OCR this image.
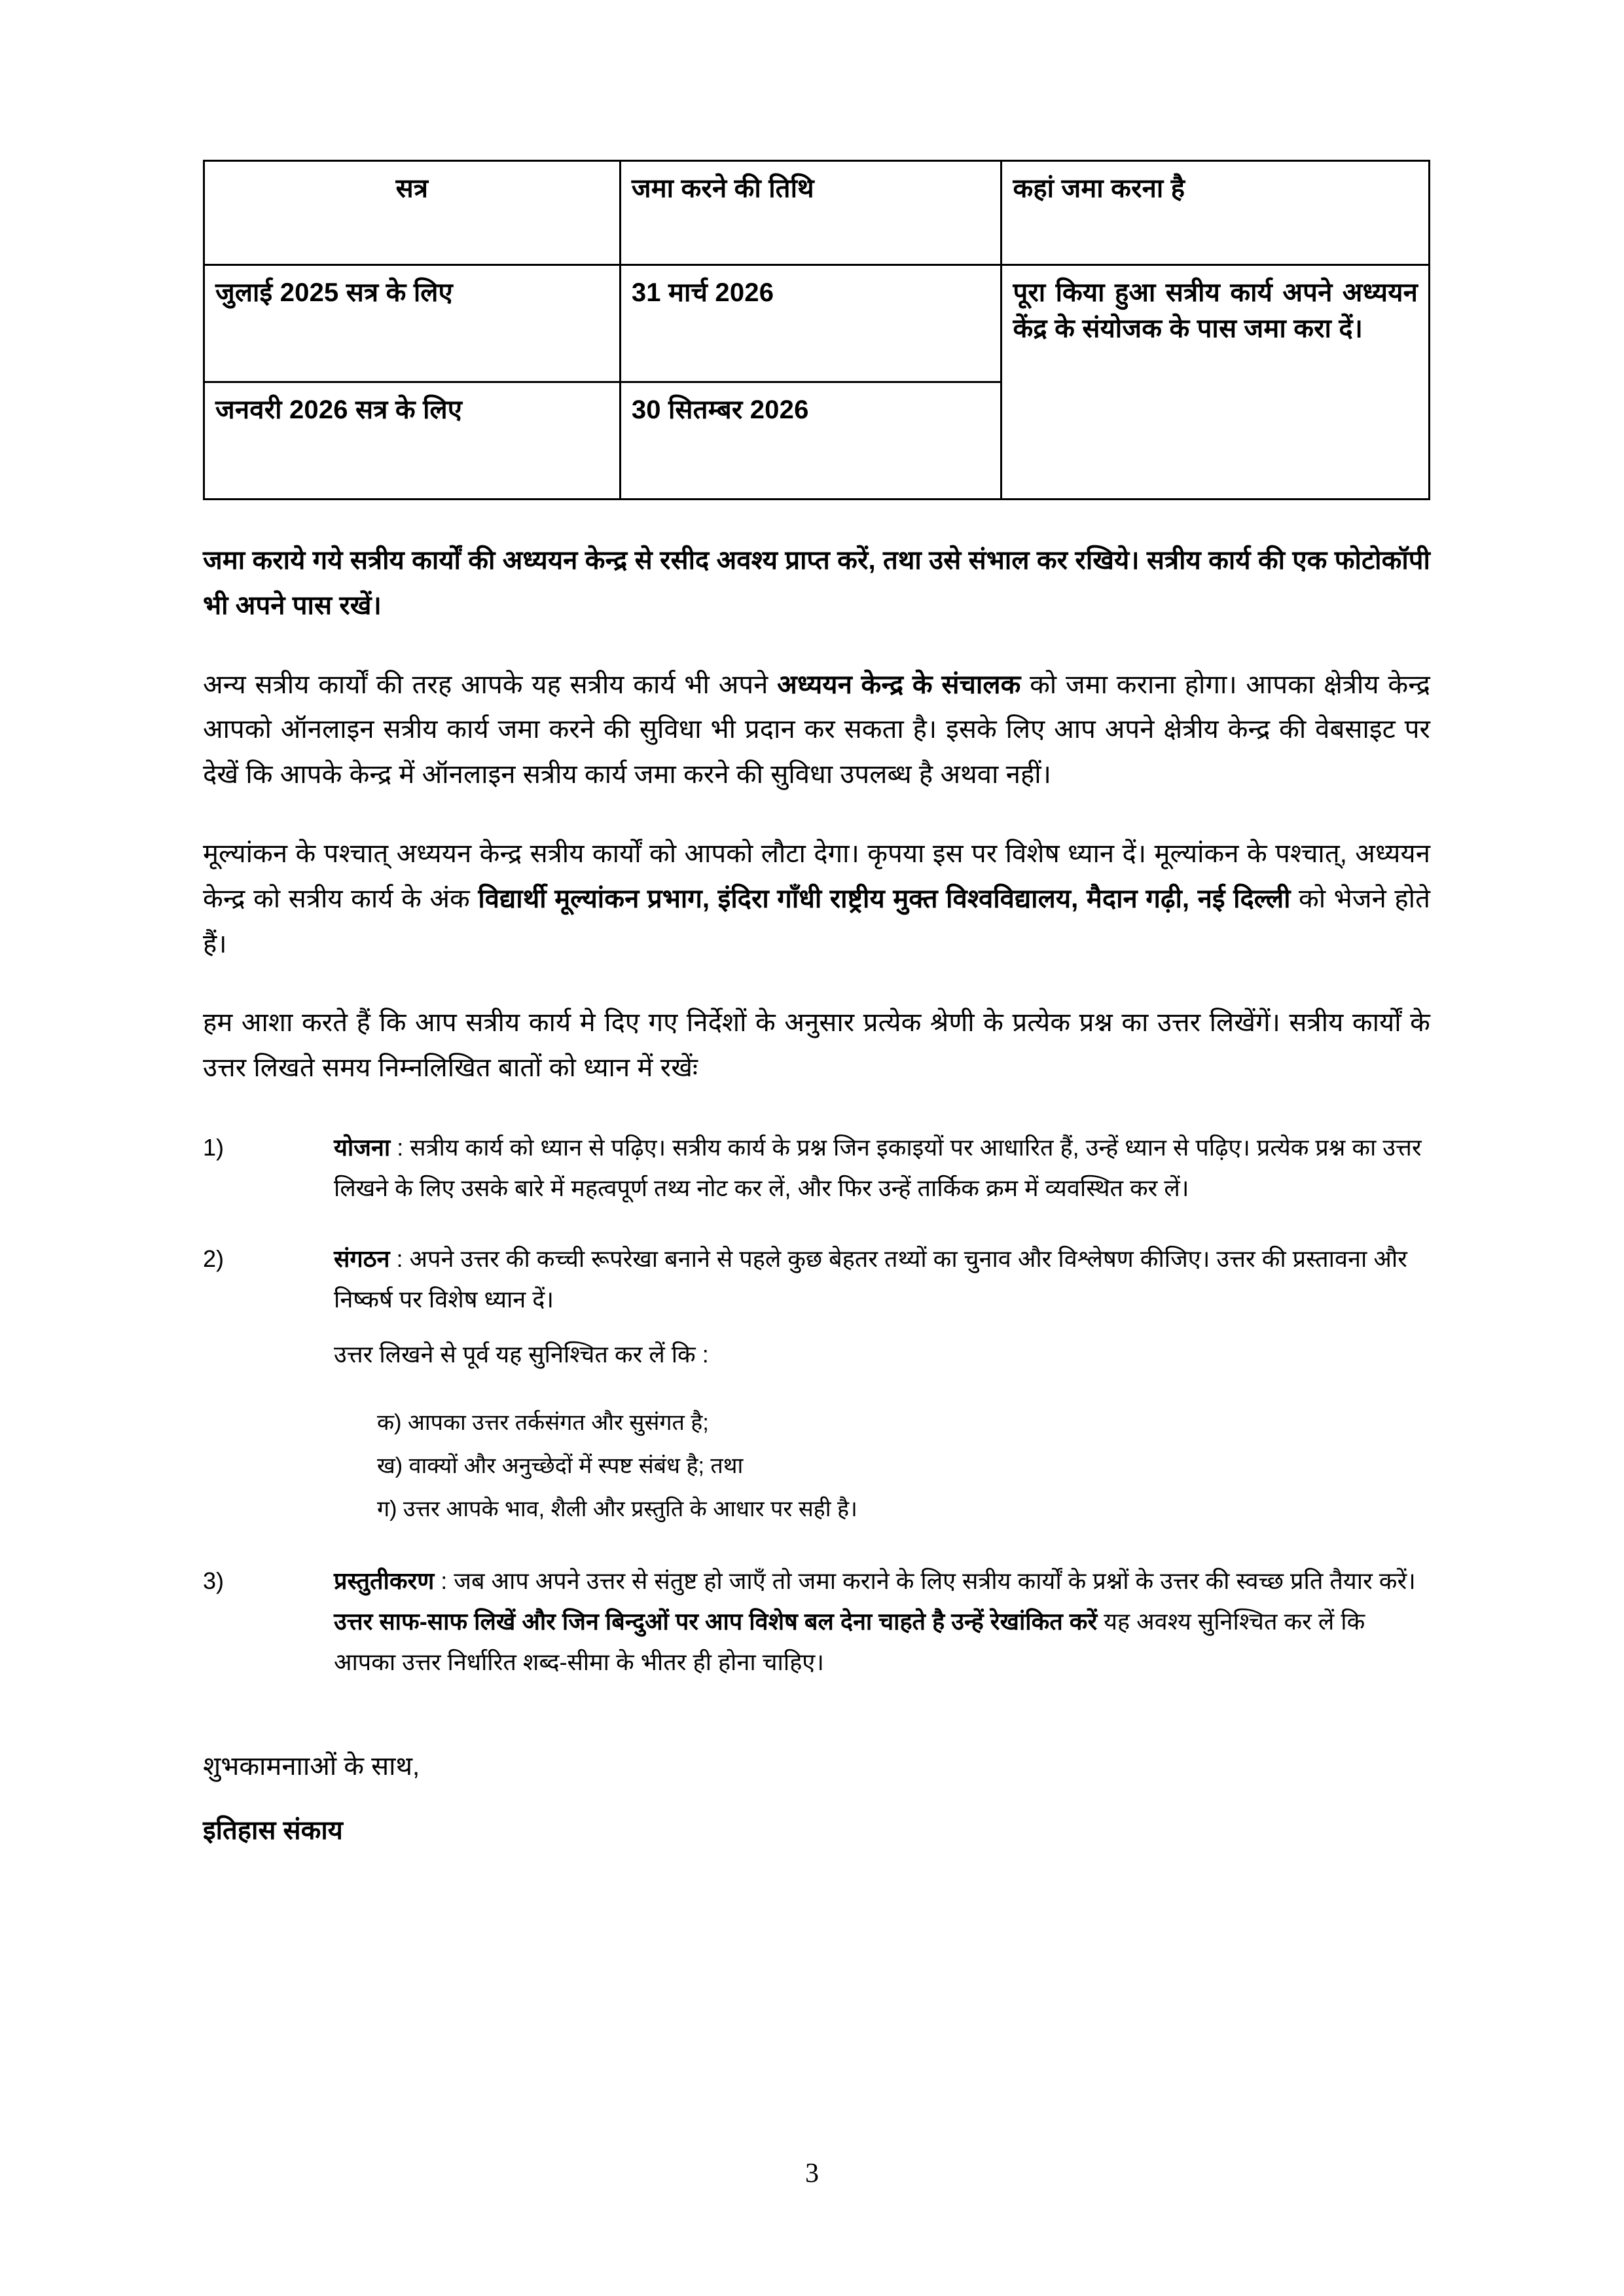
सत्र	जमा करने की तिथि	कहां जमा करना है
जुलाई 2025 सत्र के लिए	31 मार्च 2026	पूरा किया हुआ सत्रीय कार्य अपने अध्ययन केंद्र के संयोजक के पास जमा करा दें।
जनवरी 2026 सत्र के लिए	30 सितम्बर 2026	

जमा कराये गये सत्रीय कार्यों की अध्ययन केन्द्र से रसीद अवश्य प्राप्त करें, तथा उसे संभाल कर रखिये। सत्रीय कार्य की एक फोटोकॉपी भी अपने पास रखें।

अन्य सत्रीय कार्यों की तरह आपके यह सत्रीय कार्य भी अपने अध्ययन केन्द्र के संचालक को जमा कराना होगा। आपका क्षेत्रीय केन्द्र आपको ऑनलाइन सत्रीय कार्य जमा करने की सुविधा भी प्रदान कर सकता है। इसके लिए आप अपने क्षेत्रीय केन्द्र की वेबसाइट पर देखें कि आपके केन्द्र में ऑनलाइन सत्रीय कार्य जमा करने की सुविधा उपलब्ध है अथवा नहीं।

मूल्यांकन के पश्चात् अध्ययन केन्द्र सत्रीय कार्यों को आपको लौटा देगा। कृपया इस पर विशेष ध्यान दें। मूल्यांकन के पश्चात्, अध्ययन केन्द्र को सत्रीय कार्य के अंक विद्यार्थी मूल्यांकन प्रभाग, इंदिरा गाँधी राष्ट्रीय मुक्त विश्वविद्यालय, मैदान गढ़ी, नई दिल्ली को भेजने होते हैं।

हम आशा करते हैं कि आप सत्रीय कार्य मे दिए गए निर्देशों के अनुसार प्रत्येक श्रेणी के प्रत्येक प्रश्न का उत्तर लिखेंगें। सत्रीय कार्यों के उत्तर लिखते समय निम्नलिखित बातों को ध्यान में रखेंः

1)	योजना : सत्रीय कार्य को ध्यान से पढ़िए। सत्रीय कार्य के प्रश्न जिन इकाइयों पर आधारित हैं, उन्हें ध्यान से पढ़िए। प्रत्येक प्रश्न का उत्तर लिखने के लिए उसके बारे में महत्वपूर्ण तथ्य नोट कर लें, और फिर उन्हें तार्किक क्रम में व्यवस्थित कर लें।
2)	संगठन : अपने उत्तर की कच्ची रूपरेखा बनाने से पहले कुछ बेहतर तथ्यों का चुनाव और विश्लेषण कीजिए। उत्तर की प्रस्तावना और निष्कर्ष पर विशेष ध्यान दें।
उत्तर लिखने से पूर्व यह सुनिश्चित कर लें कि :
क) आपका उत्तर तर्कसंगत और सुसंगत है;
ख) वाक्यों और अनुच्छेदों में स्पष्ट संबंध है; तथा
ग) उत्तर आपके भाव, शैली और प्रस्तुति के आधार पर सही है।
3)	प्रस्तुतीकरण : जब आप अपने उत्तर से संतुष्ट हो जाएँ तो जमा कराने के लिए सत्रीय कार्यों के प्रश्नों के उत्तर की स्वच्छ प्रति तैयार करें। उत्तर साफ-साफ लिखें और जिन बिन्दुओं पर आप विशेष बल देना चाहते है उन्हें रेखांकित करें यह अवश्य सुनिश्चित कर लें कि आपका उत्तर निर्धारित शब्द-सीमा के भीतर ही होना चाहिए।

शुभकामनााओं के साथ,

इतिहास संकाय

3
